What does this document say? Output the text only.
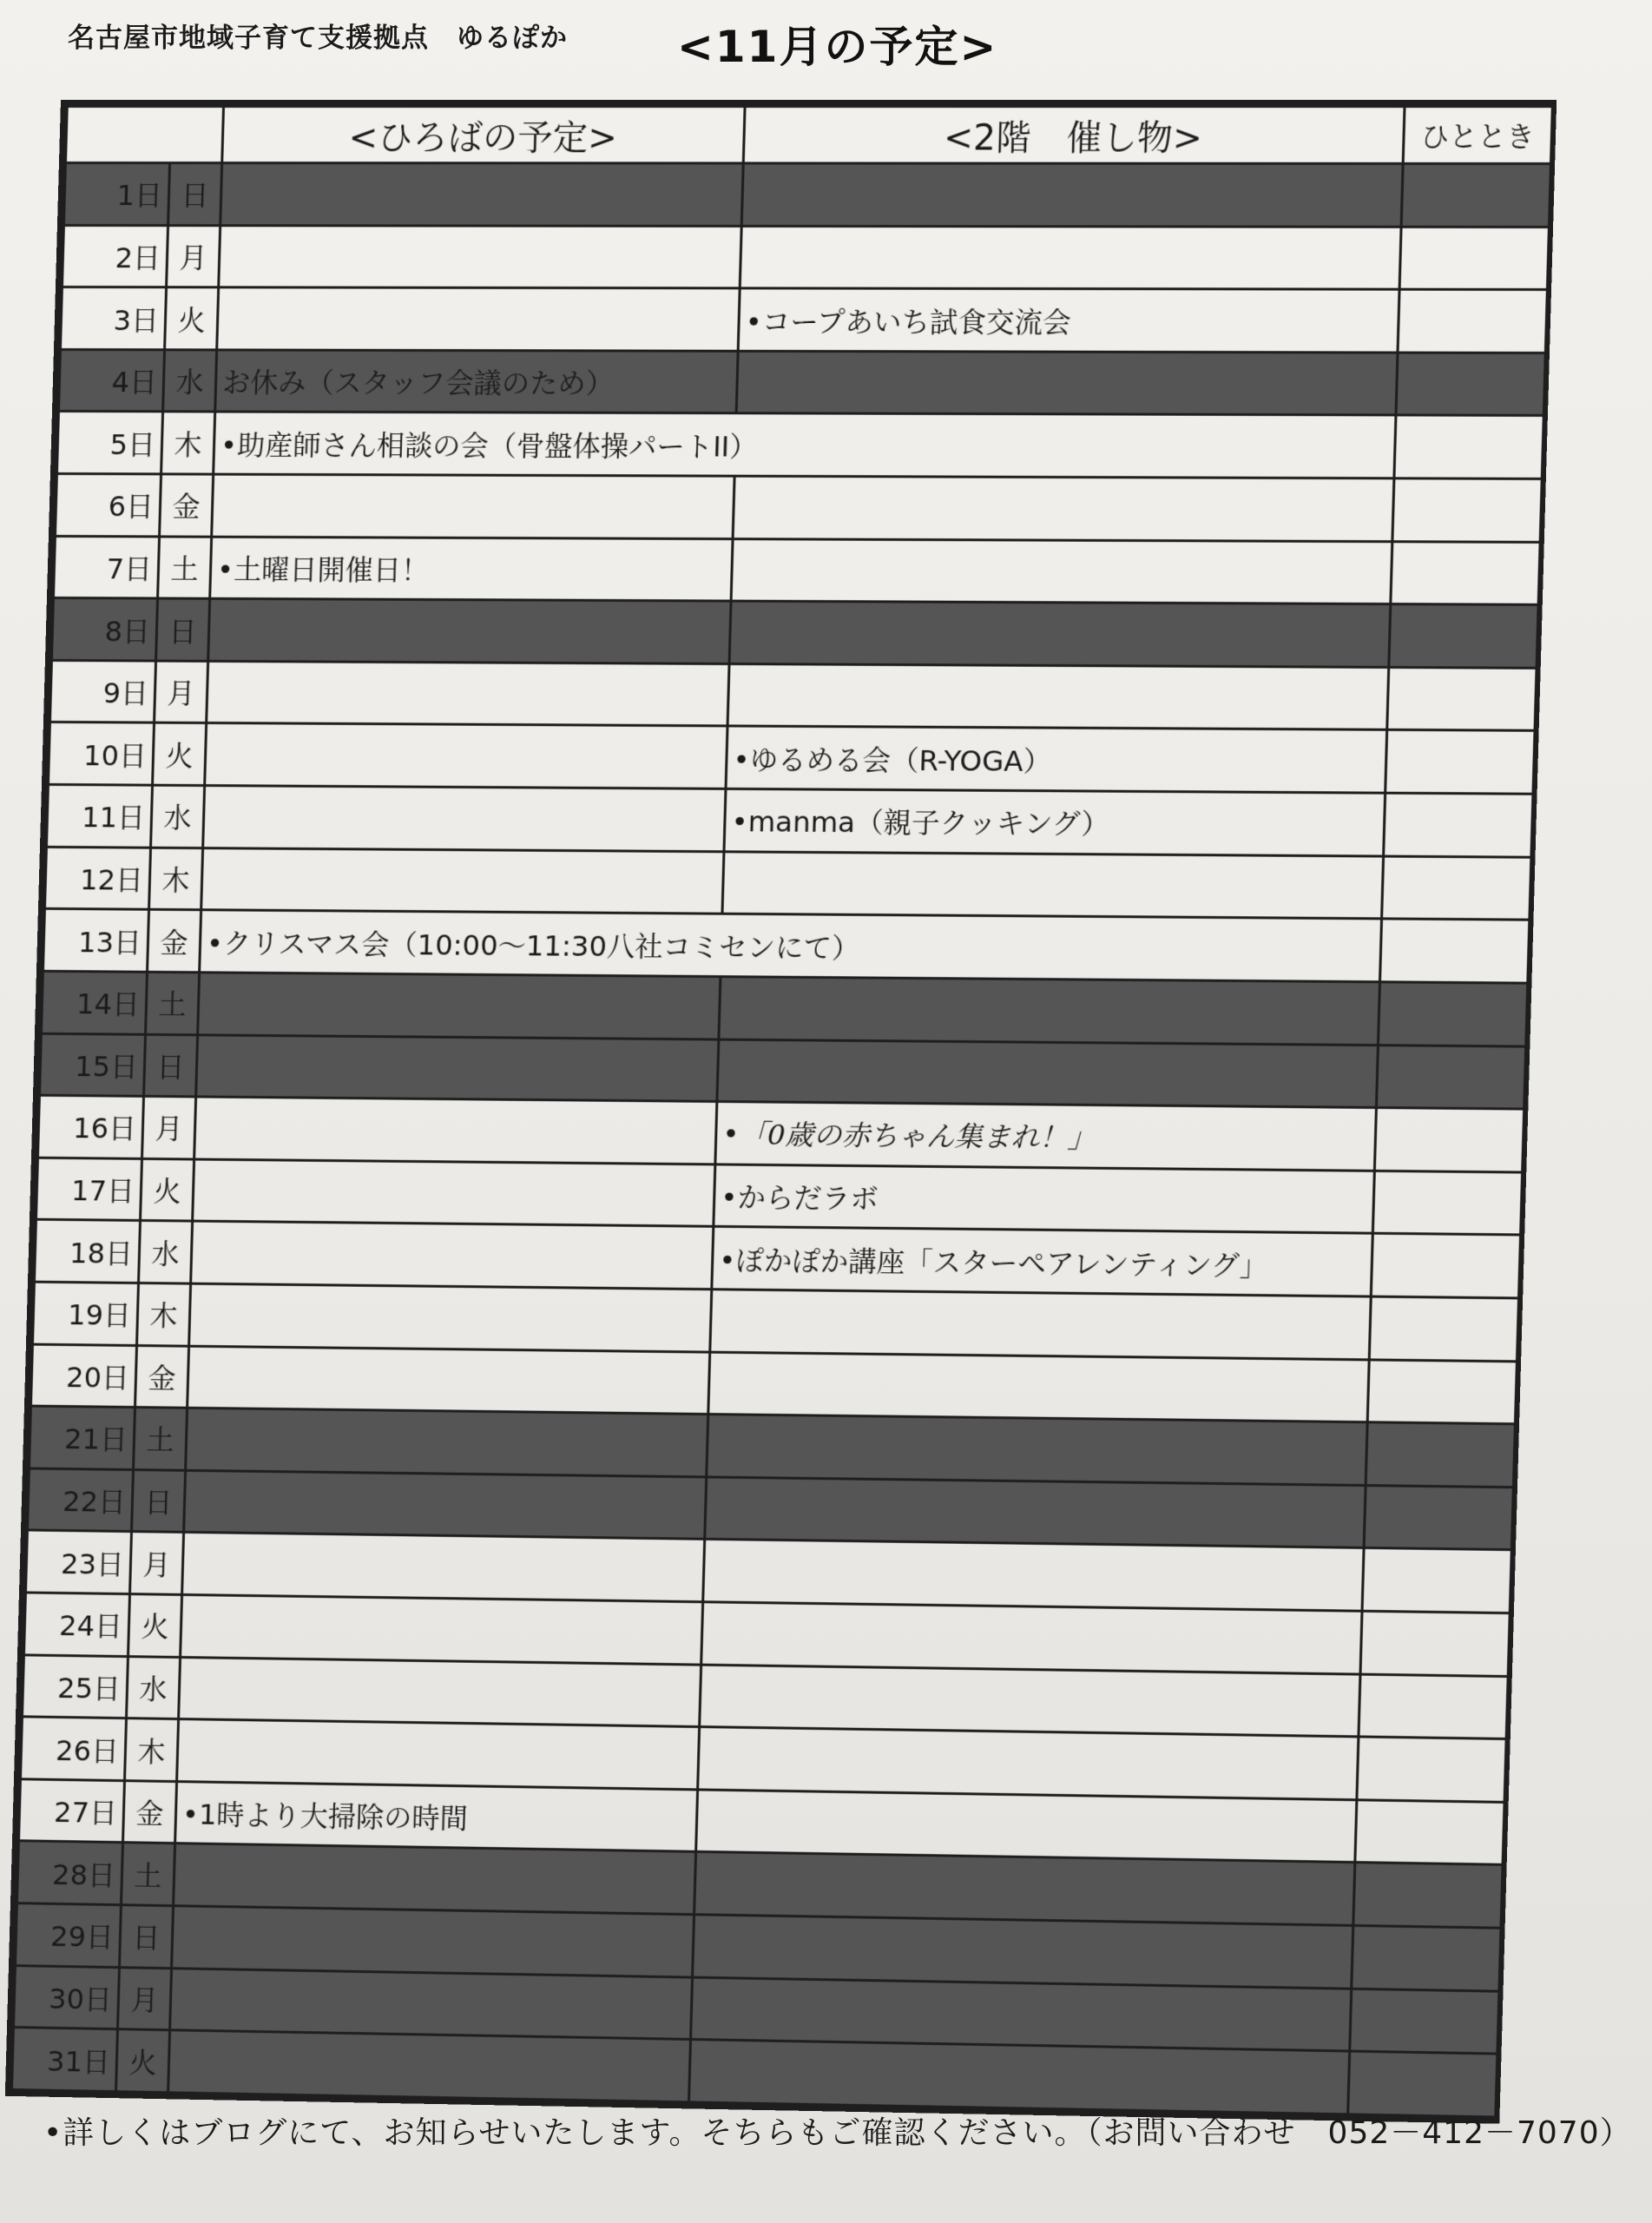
名古屋市地域子育て支援拠点　ゆるぽか	<11月の予定>
		<ひろばの予定>	<2階　催し物>	ひととき
1日	日			
2日	月			
3日	火		•コープあいち試食交流会	
4日	水	お休み（スタッフ会議のため）		
5日	木	•助産師さん相談の会（骨盤体操パートII）		
6日	金			
7日	土	•土曜日開催日！		
8日	日			
9日	月			
10日	火		•ゆるめる会（R-YOGA）	
11日	水		•manma（親子クッキング）	
12日	木			
13日	金	•クリスマス会（10:00〜11:30八社コミセンにて）		
14日	土			
15日	日			
16日	月		•「0歳の赤ちゃん集まれ！」	
17日	火		•からだラボ	
18日	水		•ぽかぽか講座「スターペアレンティング」	
19日	木			
20日	金			
21日	土			
22日	日			
23日	月			
24日	火			
25日	水			
26日	木			
27日	金	•1時より大掃除の時間		
28日	土			
29日	日			
30日	月			
31日	火			
•詳しくはブログにて、お知らせいたします。そちらもご確認ください。（お問い合わせ　052－412－7070）
